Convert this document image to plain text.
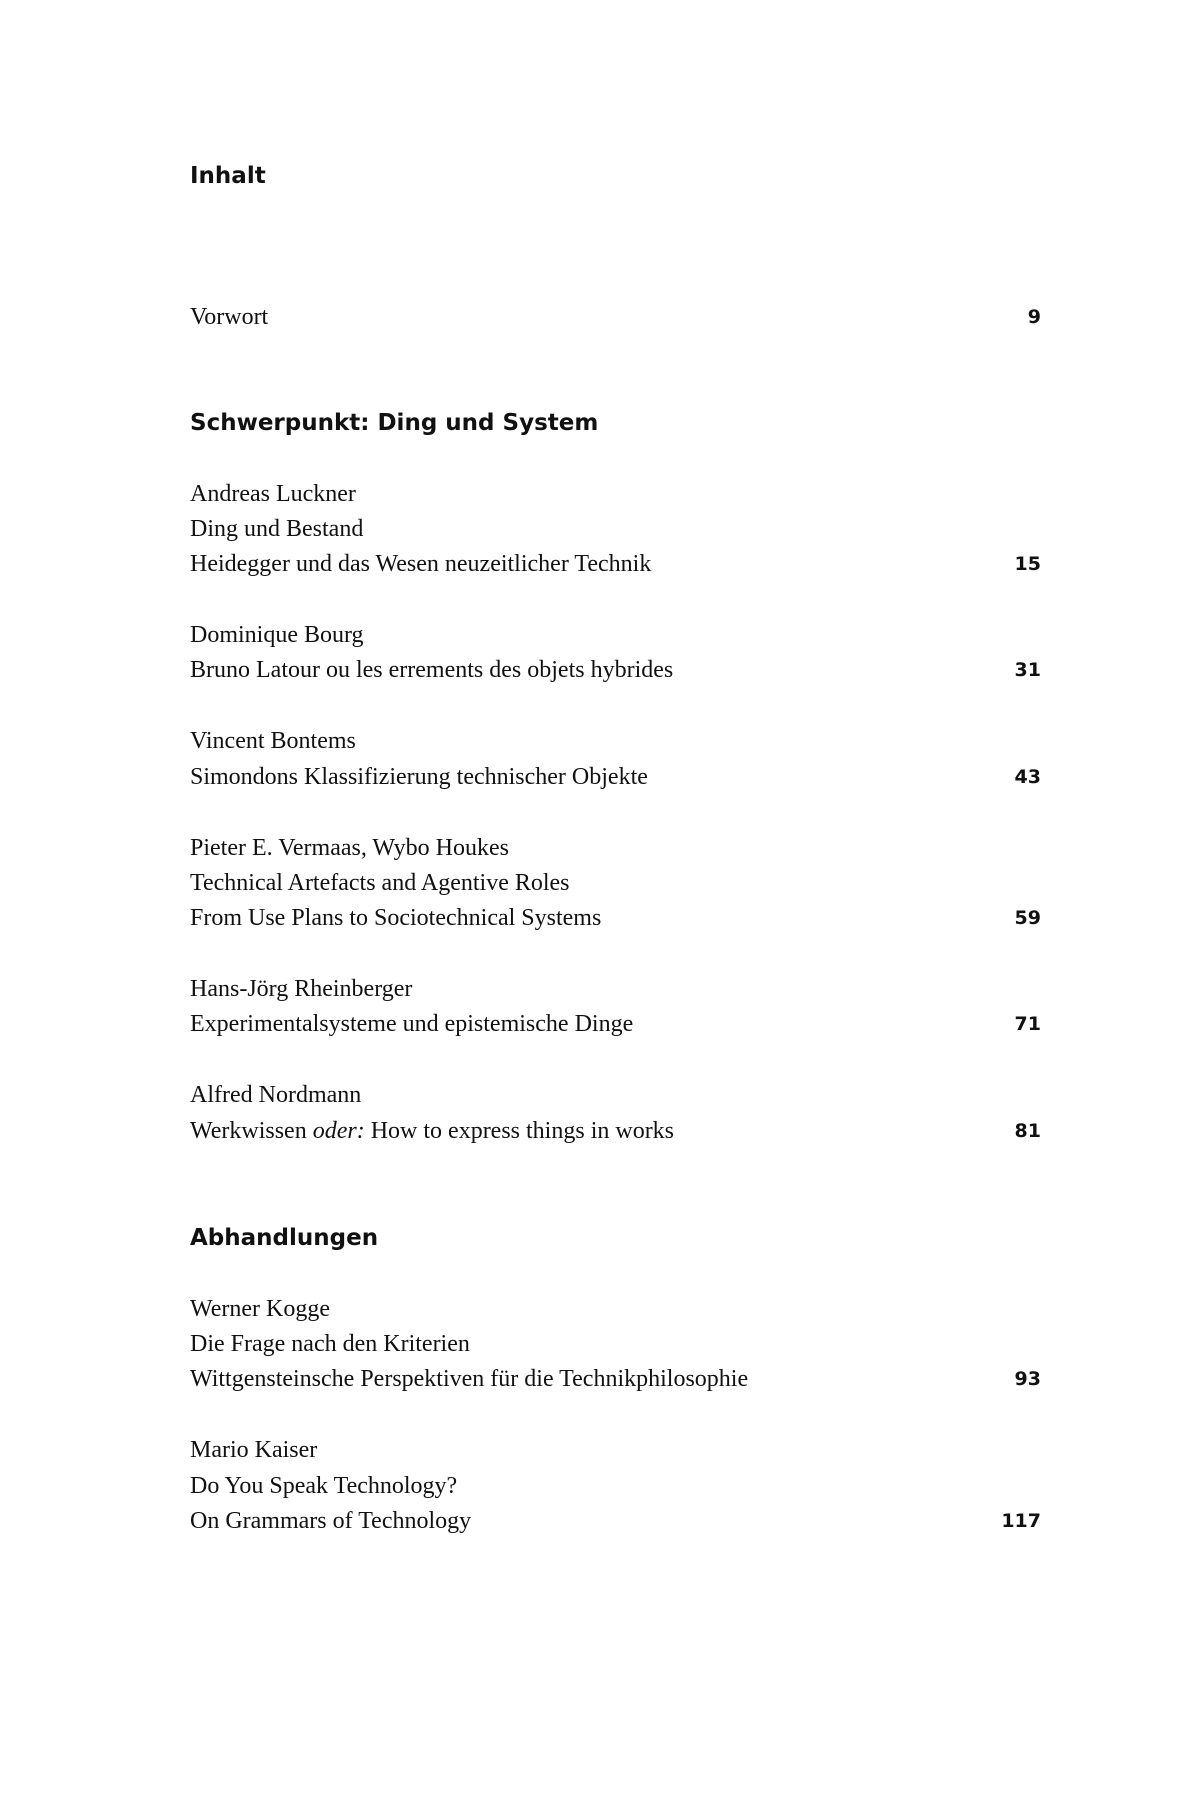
Inhalt
Vorwort	9
Schwerpunkt: Ding und System
Andreas Luckner
Ding und Bestand
Heidegger und das Wesen neuzeitlicher Technik	15
Dominique Bourg
Bruno Latour ou les errements des objets hybrides	31
Vincent Bontems
Simondons Klassifizierung technischer Objekte	43
Pieter E. Vermaas, Wybo Houkes
Technical Artefacts and Agentive Roles
From Use Plans to Sociotechnical Systems	59
Hans-Jörg Rheinberger
Experimentalsysteme und epistemische Dinge	71
Alfred Nordmann
Werkwissen oder: How to express things in works	81
Abhandlungen
Werner Kogge
Die Frage nach den Kriterien
Wittgensteinsche Perspektiven für die Technikphilosophie	93
Mario Kaiser
Do You Speak Technology?
On Grammars of Technology	117
